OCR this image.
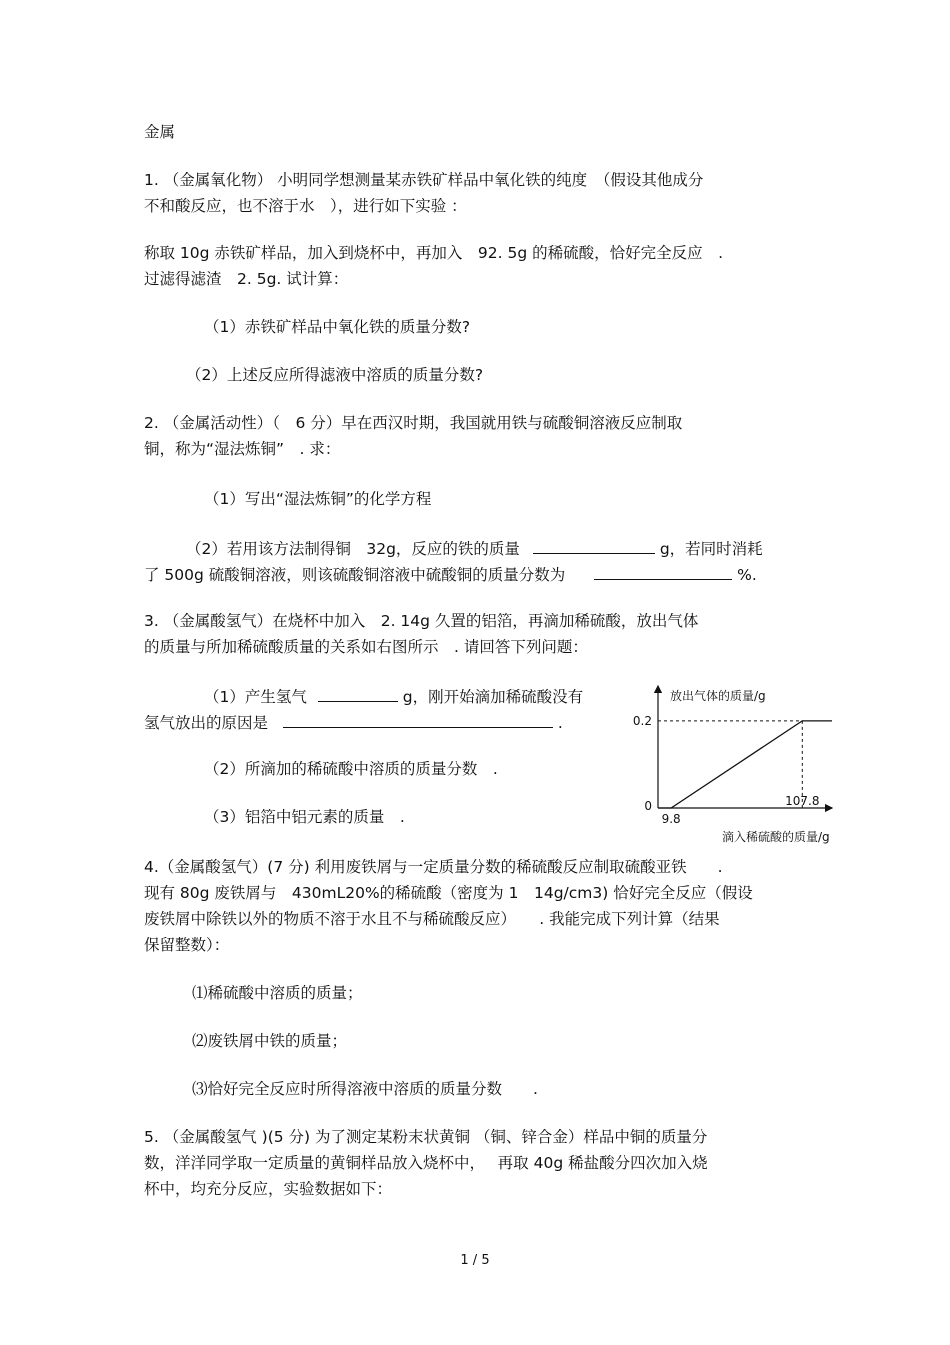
金属
1. （金属氧化物） 小明同学想测量某赤铁矿样品中氧化铁的纯度　（假设其他成分
不和酸反应，也不溶于水　），进行如下实验 ：
称取 10g 赤铁矿样品，加入到烧杯中，再加入　92. 5g 的稀硫酸，恰好完全反应　.
过滤得滤渣　2. 5g. 试计算：
（1）赤铁矿样品中氧化铁的质量分数?
（2）上述反应所得滤液中溶质的质量分数?
2. （金属活动性）（　6 分）早在西汉时期，我国就用铁与硫酸铜溶液反应制取
铜，称为“湿法炼铜”　. 求：
（1）写出“湿法炼铜”的化学方程
（2）若用该方法制得铜　32g，反应的铁的质量	g，若同时消耗
了 500g 硫酸铜溶液，则该硫酸铜溶液中硫酸铜的质量分数为	%.
3. （金属酸氢气）在烧杯中加入　2. 14g 久置的铝箔，再滴加稀硫酸，放出气体
的质量与所加稀硫酸质量的关系如右图所示　. 请回答下列问题：
（1）产生氢气	g，刚开始滴加稀硫酸没有
氢气放出的原因是	.
（2）所滴加的稀硫酸中溶质的质量分数　.
（3）铝箔中铝元素的质量　.
放出气体的质量/g
滴入稀硫酸的质量/g
0.2
0
9.8
107.8
4.（金属酸氢气）(7 分) 利用废铁屑与一定质量分数的稀硫酸反应制取硫酸亚铁　　.
现有 80g 废铁屑与　430mL20%的稀硫酸（密度为 1　14g/cm3) 恰好完全反应（假设
废铁屑中除铁以外的物质不溶于水且不与稀硫酸反应）　　. 我能完成下列计算（结果
保留整数）：
⑴稀硫酸中溶质的质量；
⑵废铁屑中铁的质量；
⑶恰好完全反应时所得溶液中溶质的质量分数　　.
5. （金属酸氢气 )(5 分) 为了测定某粉末状黄铜 （铜、锌合金）样品中铜的质量分
数，洋洋同学取一定质量的黄铜样品放入烧杯中，　 再取 40g 稀盐酸分四次加入烧
杯中，均充分反应，实验数据如下：
1 / 5
